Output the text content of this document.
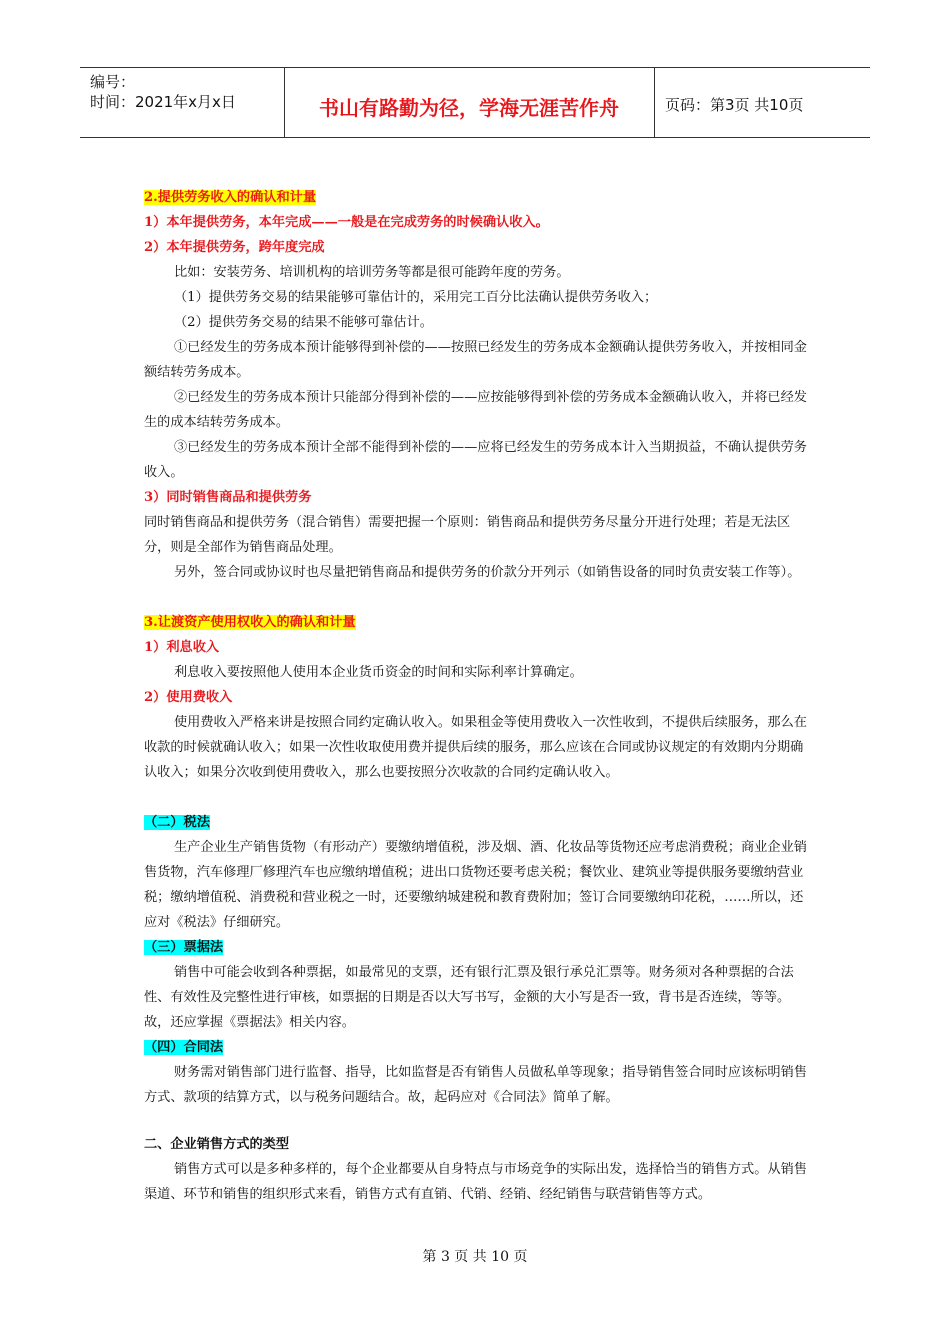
编号：
时间：2021年x月x日	书山有路勤为径，学海无涯苦作舟	页码：第3页 共10页

2.提供劳务收入的确认和计量

1）本年提供劳务，本年完成——一般是在完成劳务的时候确认收入。

2）本年提供劳务，跨年度完成

比如：安装劳务、培训机构的培训劳务等都是很可能跨年度的劳务。

（1）提供劳务交易的结果能够可靠估计的，采用完工百分比法确认提供劳务收入；

（2）提供劳务交易的结果不能够可靠估计。

①已经发生的劳务成本预计能够得到补偿的——按照已经发生的劳务成本金额确认提供劳务收入，并按相同金额结转劳务成本。

②已经发生的劳务成本预计只能部分得到补偿的——应按能够得到补偿的劳务成本金额确认收入，并将已经发生的成本结转劳务成本。

③已经发生的劳务成本预计全部不能得到补偿的——应将已经发生的劳务成本计入当期损益，不确认提供劳务收入。

3）同时销售商品和提供劳务

同时销售商品和提供劳务（混合销售）需要把握一个原则：销售商品和提供劳务尽量分开进行处理；若是无法区分，则是全部作为销售商品处理。

另外，签合同或协议时也尽量把销售商品和提供劳务的价款分开列示（如销售设备的同时负责安装工作等）。

3.让渡资产使用权收入的确认和计量

1）利息收入

利息收入要按照他人使用本企业货币资金的时间和实际利率计算确定。

2）使用费收入

使用费收入严格来讲是按照合同约定确认收入。如果租金等使用费收入一次性收到，不提供后续服务，那么在收款的时候就确认收入；如果一次性收取使用费并提供后续的服务，那么应该在合同或协议规定的有效期内分期确认收入；如果分次收到使用费收入，那么也要按照分次收款的合同约定确认收入。

（二）税法

生产企业生产销售货物（有形动产）要缴纳增值税，涉及烟、酒、化妆品等货物还应考虑消费税；商业企业销售货物，汽车修理厂修理汽车也应缴纳增值税；进出口货物还要考虑关税；餐饮业、建筑业等提供服务要缴纳营业税；缴纳增值税、消费税和营业税之一时，还要缴纳城建税和教育费附加；签订合同要缴纳印花税，……所以，还应对《税法》仔细研究。

（三）票据法

销售中可能会收到各种票据，如最常见的支票，还有银行汇票及银行承兑汇票等。财务须对各种票据的合法性、有效性及完整性进行审核，如票据的日期是否以大写书写，金额的大小写是否一致，背书是否连续，等等。故，还应掌握《票据法》相关内容。

（四）合同法

财务需对销售部门进行监督、指导，比如监督是否有销售人员做私单等现象；指导销售签合同时应该标明销售方式、款项的结算方式，以与税务问题结合。故，起码应对《合同法》简单了解。

二、企业销售方式的类型

销售方式可以是多种多样的，每个企业都要从自身特点与市场竞争的实际出发，选择恰当的销售方式。从销售渠道、环节和销售的组织形式来看，销售方式有直销、代销、经销、经纪销售与联营销售等方式。

第 3 页 共 10 页
